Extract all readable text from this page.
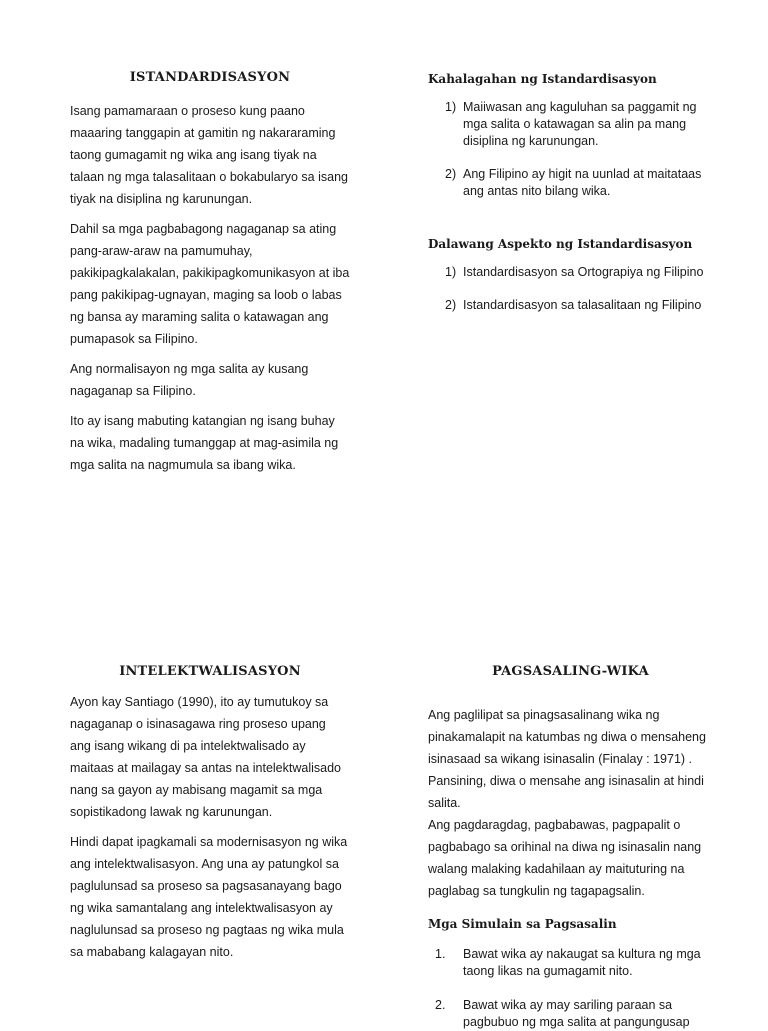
ISTANDARDISASYON

Isang pamamaraan o proseso kung paano maaaring tanggapin at gamitin ng nakararaming taong gumagamit ng wika ang isang tiyak na talaan ng mga talasalitaan o bokabularyo sa isang tiyak na disiplina ng karunungan.

Dahil sa mga pagbabagong nagaganap sa ating pang-araw-araw na pamumuhay, pakikipagkalakalan, pakikipagkomunikasyon at iba pang pakikipag-ugnayan, maging sa loob o labas ng bansa ay maraming salita o katawagan ang pumapasok sa Filipino.

Ang normalisayon ng mga salita ay kusang nagaganap sa Filipino.

Ito ay isang mabuting katangian ng isang buhay na wika, madaling tumanggap at mag-asimila ng mga salita na nagmumula sa ibang wika.

Kahalagahan ng Istandardisasyon

1) Maiiwasan ang kaguluhan sa paggamit ng mga salita o katawagan sa alin pa mang disiplina ng karunungan.

2) Ang Filipino ay higit na uunlad at maitataas ang antas nito bilang wika.

Dalawang Aspekto ng Istandardisasyon

1) Istandardisasyon sa Ortograpiya ng Filipino

2) Istandardisasyon sa talasalitaan ng Filipino

INTELEKTWALISASYON

Ayon kay Santiago (1990), ito ay tumutukoy sa nagaganap o isinasagawa ring proseso upang ang isang wikang di pa intelektwalisado ay maitaas at mailagay sa antas na intelektwalisado nang sa gayon ay mabisang magamit sa mga sopistikadong lawak ng karunungan.

Hindi dapat ipagkamali sa modernisasyon ng wika ang intelektwalisasyon. Ang una ay patungkol sa paglulunsad sa proseso sa pagsasanayang bago ng wika samantalang ang intelektwalisasyon ay naglulunsad sa proseso ng pagtaas ng wika mula sa mababang kalagayan nito.

PAGSASALING-WIKA

Ang paglilipat sa pinagsasalinang wika ng pinakamalapit na katumbas ng diwa o mensaheng isinasaad sa wikang isinasalin (Finalay : 1971) . Pansining, diwa o mensahe ang isinasalin at hindi salita.

Ang pagdaragdag, pagbabawas, pagpapalit o pagbabago sa orihinal na diwa ng isinasalin nang walang malaking kadahilaan ay maituturing na paglabag sa tungkulin ng tagapagsalin.

Mga Simulain sa Pagsasalin

1. Bawat wika ay nakaugat sa kultura ng mga taong likas na gumagamit nito.

2. Bawat wika ay may sariling paraan sa pagbubuo ng mga salita at pangungusap
